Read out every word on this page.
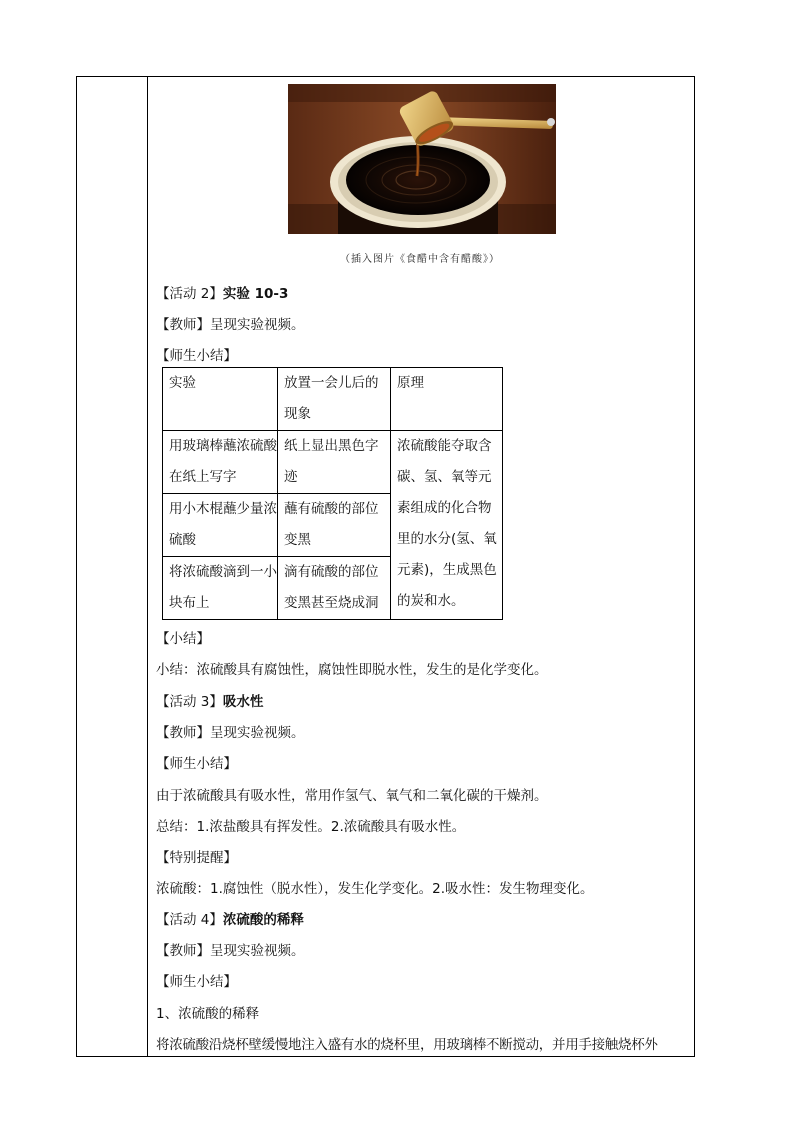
（插入图片《食醋中含有醋酸》）
【活动 2】实验 10-3
【教师】呈现实验视频。
【师生小结】
实验	放置一会儿后的现象	原理
用玻璃棒蘸浓硫酸在纸上写字	纸上显出黑色字迹	浓硫酸能夺取含碳、氢、氧等元素组成的化合物里的水分(氢、氧元素)，生成黑色的炭和水。
用小木棍蘸少量浓硫酸	蘸有硫酸的部位变黑	
将浓硫酸滴到一小块布上	滴有硫酸的部位变黑甚至烧成洞	
【小结】
小结：浓硫酸具有腐蚀性，腐蚀性即脱水性，发生的是化学变化。
【活动 3】吸水性
【教师】呈现实验视频。
【师生小结】
由于浓硫酸具有吸水性，常用作氢气、氧气和二氧化碳的干燥剂。
总结：1.浓盐酸具有挥发性。2.浓硫酸具有吸水性。
【特别提醒】
浓硫酸：1.腐蚀性（脱水性），发生化学变化。2.吸水性：发生物理变化。
【活动 4】浓硫酸的稀释
【教师】呈现实验视频。
【师生小结】
1、浓硫酸的稀释
将浓硫酸沿烧杯壁缓慢地注入盛有水的烧杯里，用玻璃棒不断搅动，并用手接触烧杯外
